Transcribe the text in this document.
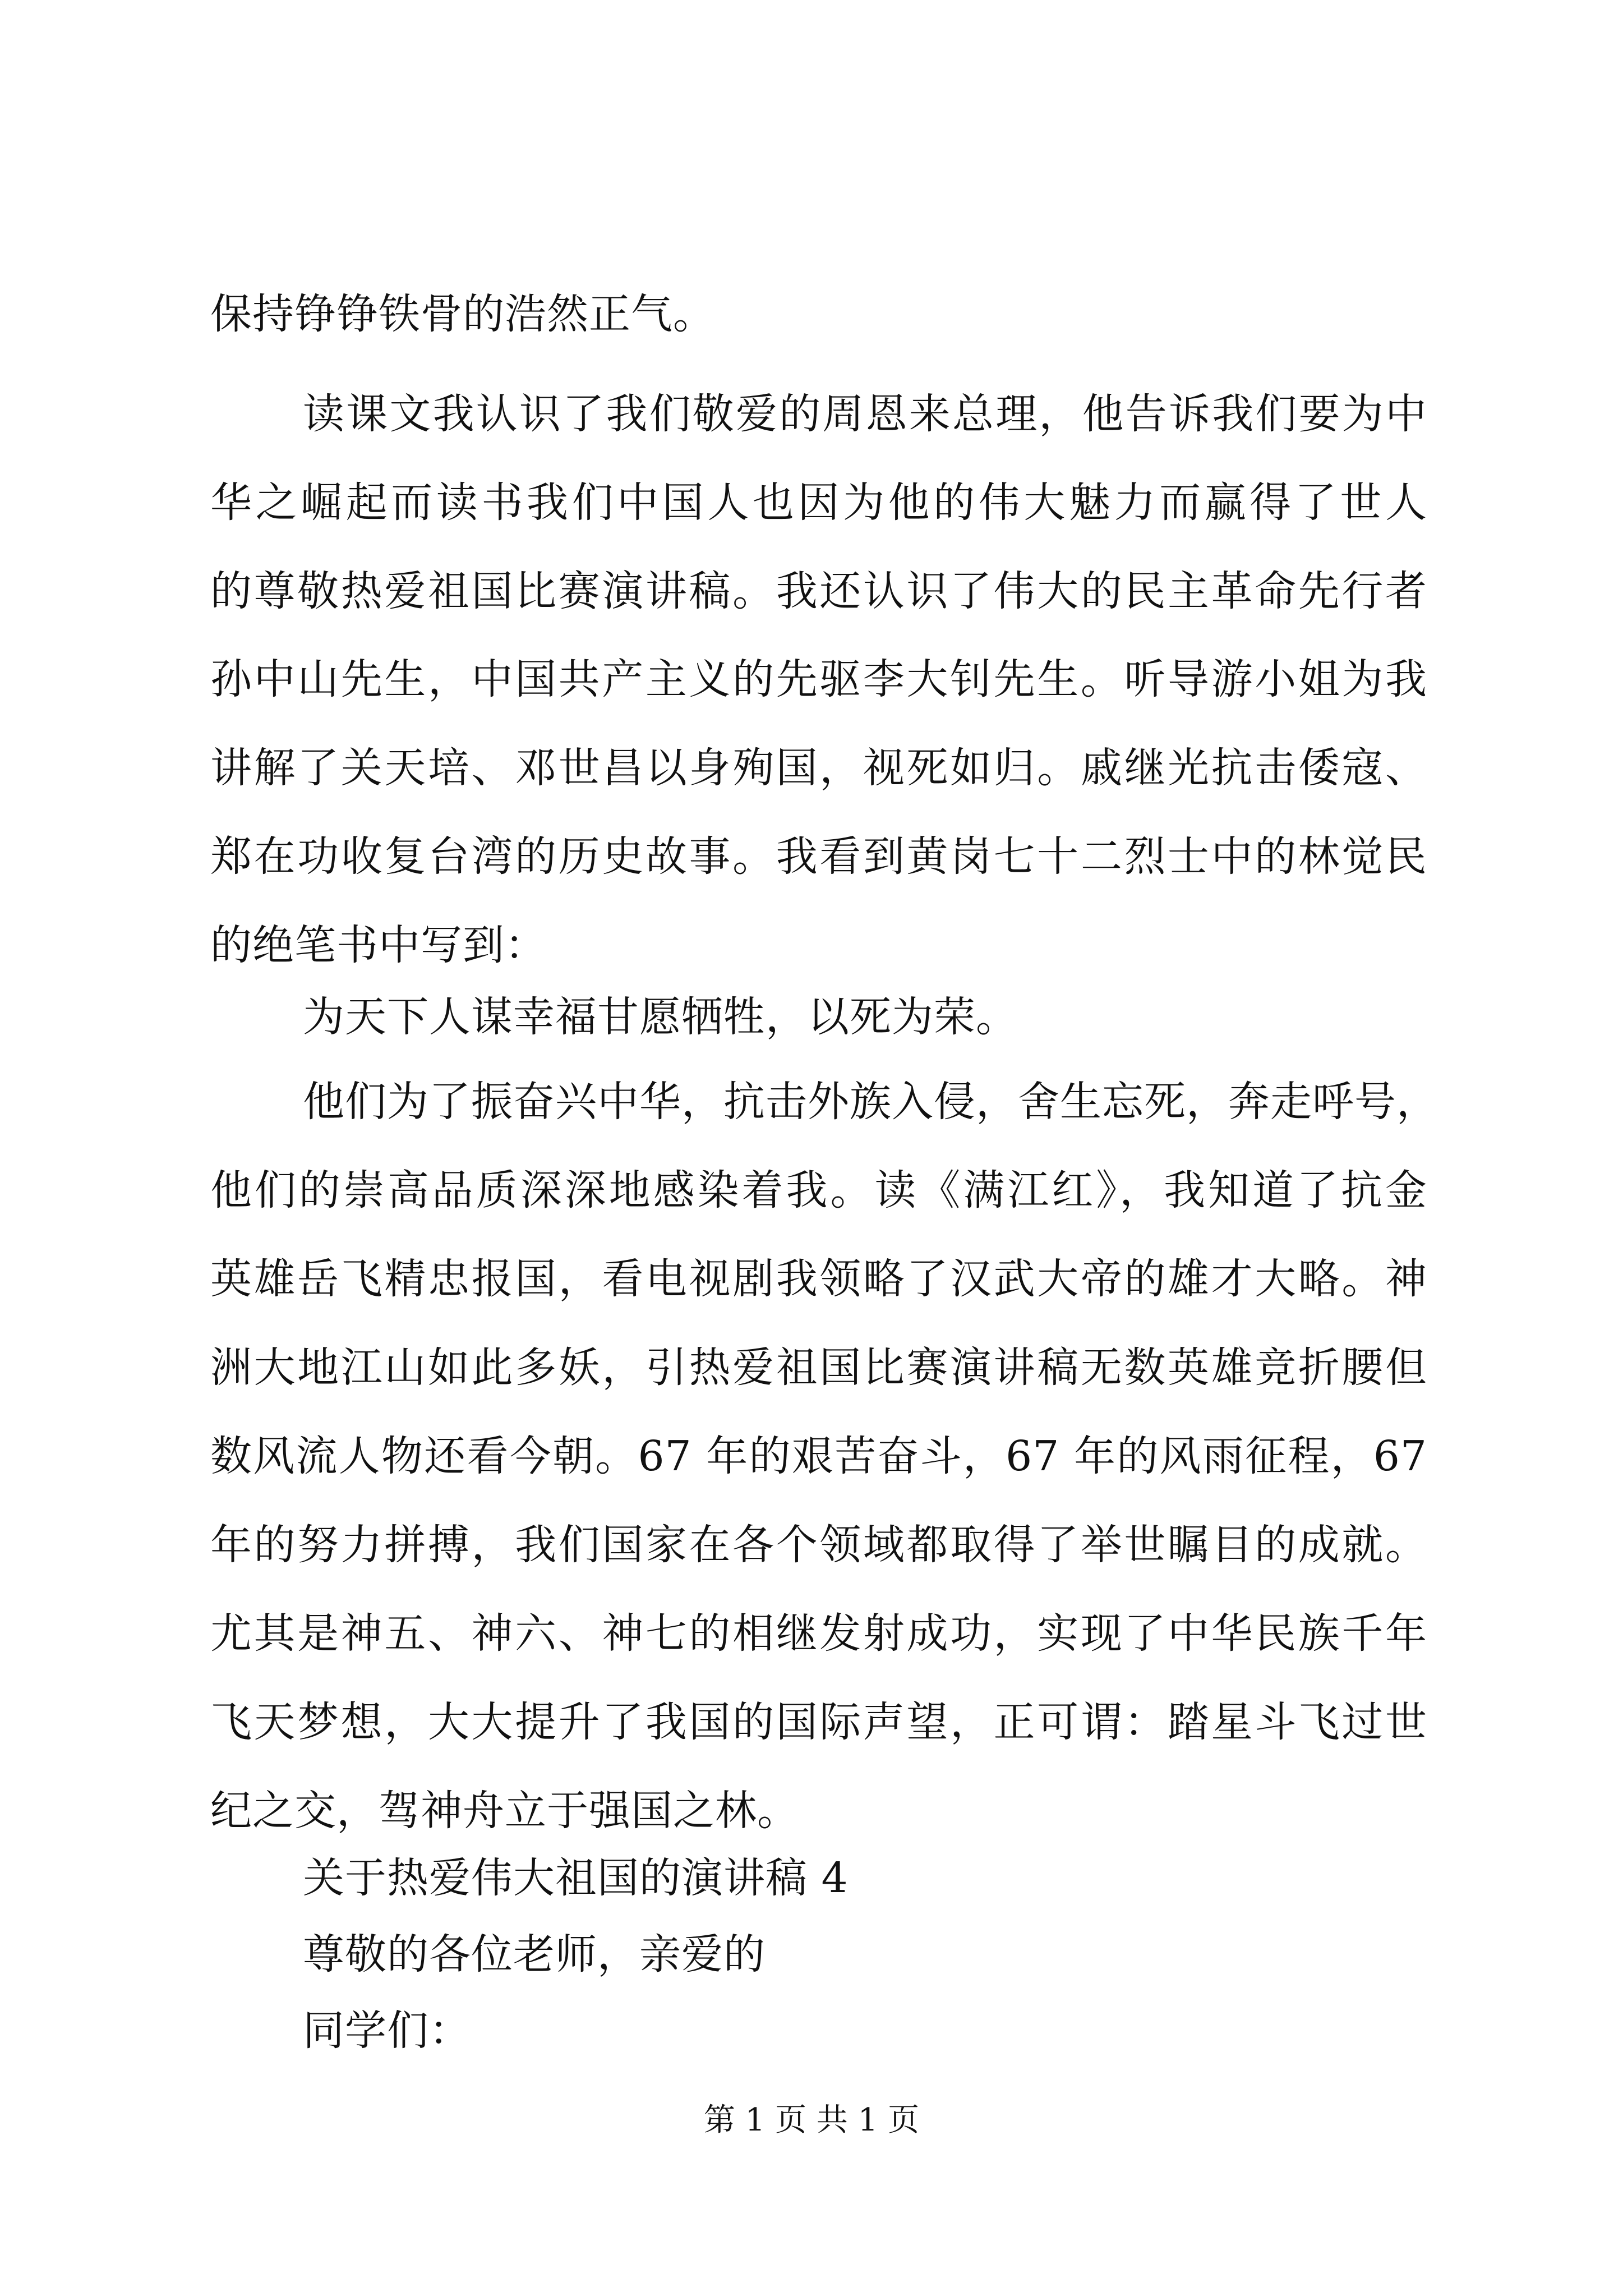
保持铮铮铁骨的浩然正气。

读课文我认识了我们敬爱的周恩来总理，他告诉我们要为中

华之崛起而读书我们中国人也因为他的伟大魅力而赢得了世人

的尊敬热爱祖国比赛演讲稿。我还认识了伟大的民主革命先行者

孙中山先生，中国共产主义的先驱李大钊先生。听导游小姐为我

讲解了关天培、邓世昌以身殉国，视死如归。戚继光抗击倭寇、

郑在功收复台湾的历史故事。我看到黄岗七十二烈士中的林觉民

的绝笔书中写到：

为天下人谋幸福甘愿牺牲，以死为荣。

他们为了振奋兴中华，抗击外族入侵，舍生忘死，奔走呼号，

他们的崇高品质深深地感染着我。读《满江红》，我知道了抗金

英雄岳飞精忠报国，看电视剧我领略了汉武大帝的雄才大略。神

洲大地江山如此多妖，引热爱祖国比赛演讲稿无数英雄竞折腰但

数风流人物还看今朝。67 年的艰苦奋斗，67 年的风雨征程，67

年的努力拼搏，我们国家在各个领域都取得了举世瞩目的成就。

尤其是神五、神六、神七的相继发射成功，实现了中华民族千年

飞天梦想，大大提升了我国的国际声望，正可谓：踏星斗飞过世

纪之交，驾神舟立于强国之林。

关于热爱伟大祖国的演讲稿 4

尊敬的各位老师，亲爱的

同学们：

第 1 页 共 1 页
